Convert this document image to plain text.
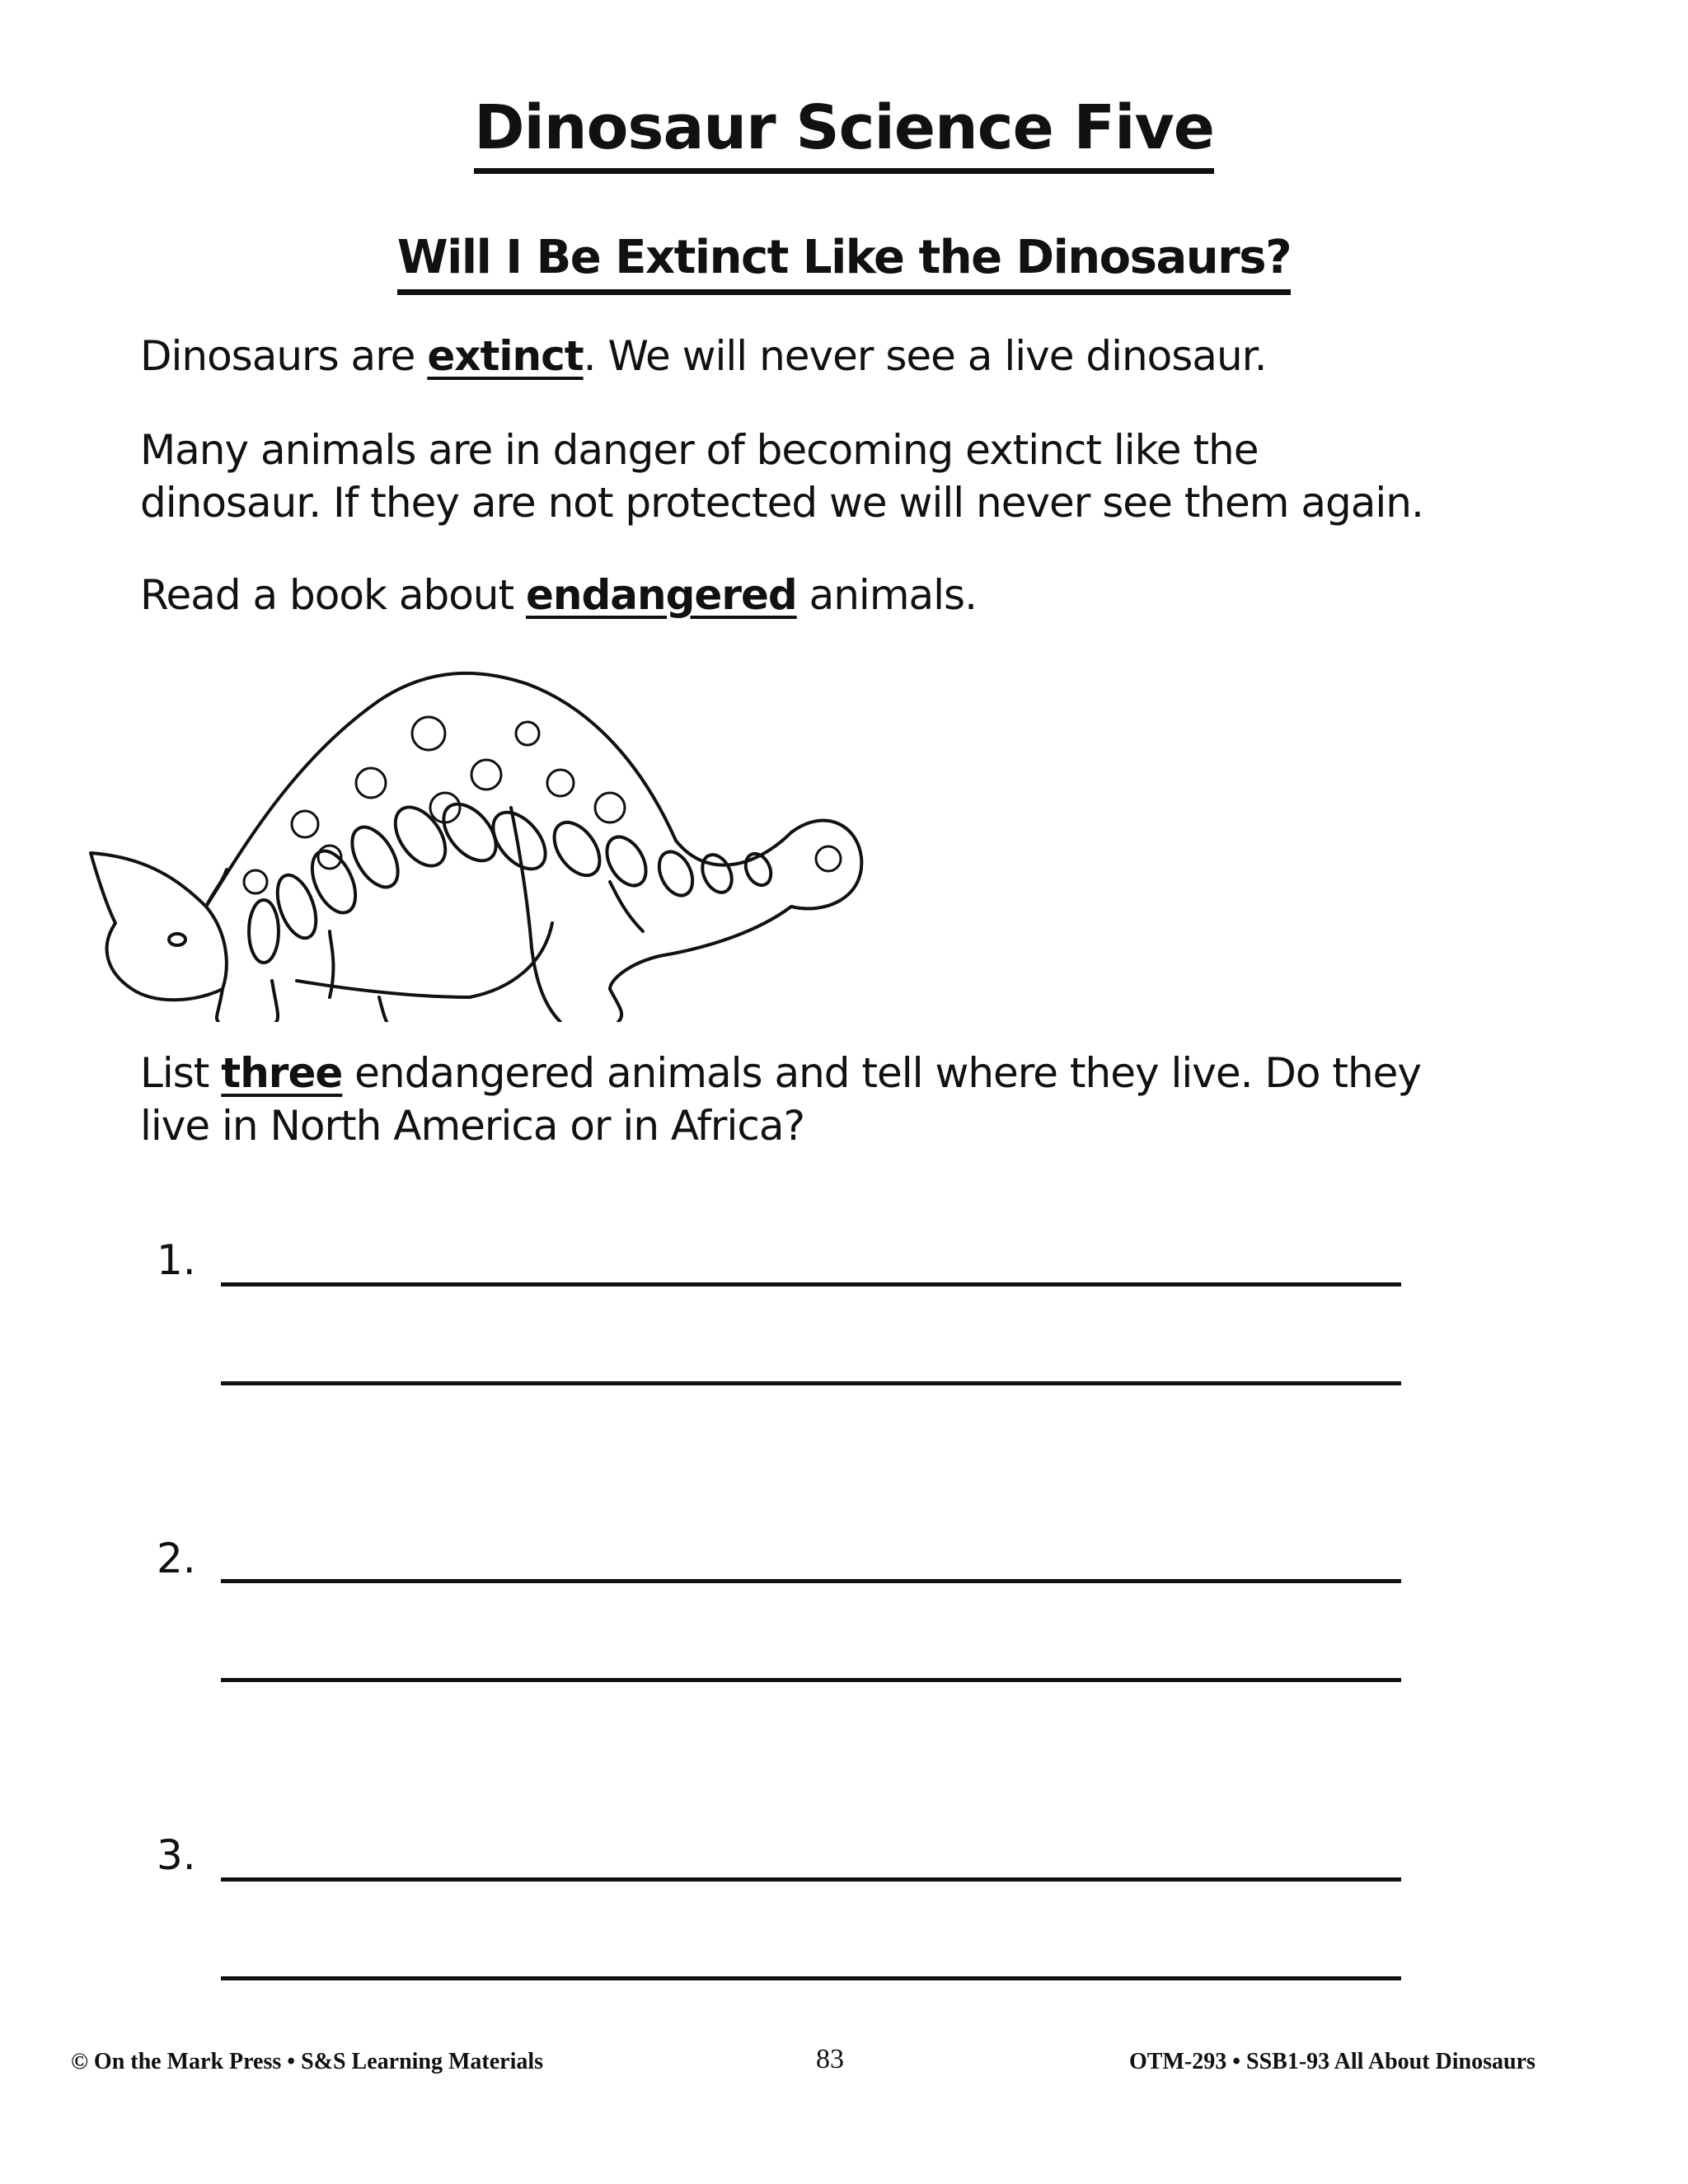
Dinosaur Science Five
Will I Be Extinct Like the Dinosaurs?
Dinosaurs are extinct. We will never see a live dinosaur.
Many animals are in danger of becoming extinct like the
dinosaur. If they are not protected we will never see them again.
Read a book about endangered animals.
List three endangered animals and tell where they live. Do they
live in North America or in Africa?
1.
2.
3.
© On the Mark Press • S&S Learning Materials	83	OTM-293 • SSB1-93 All About Dinosaurs
